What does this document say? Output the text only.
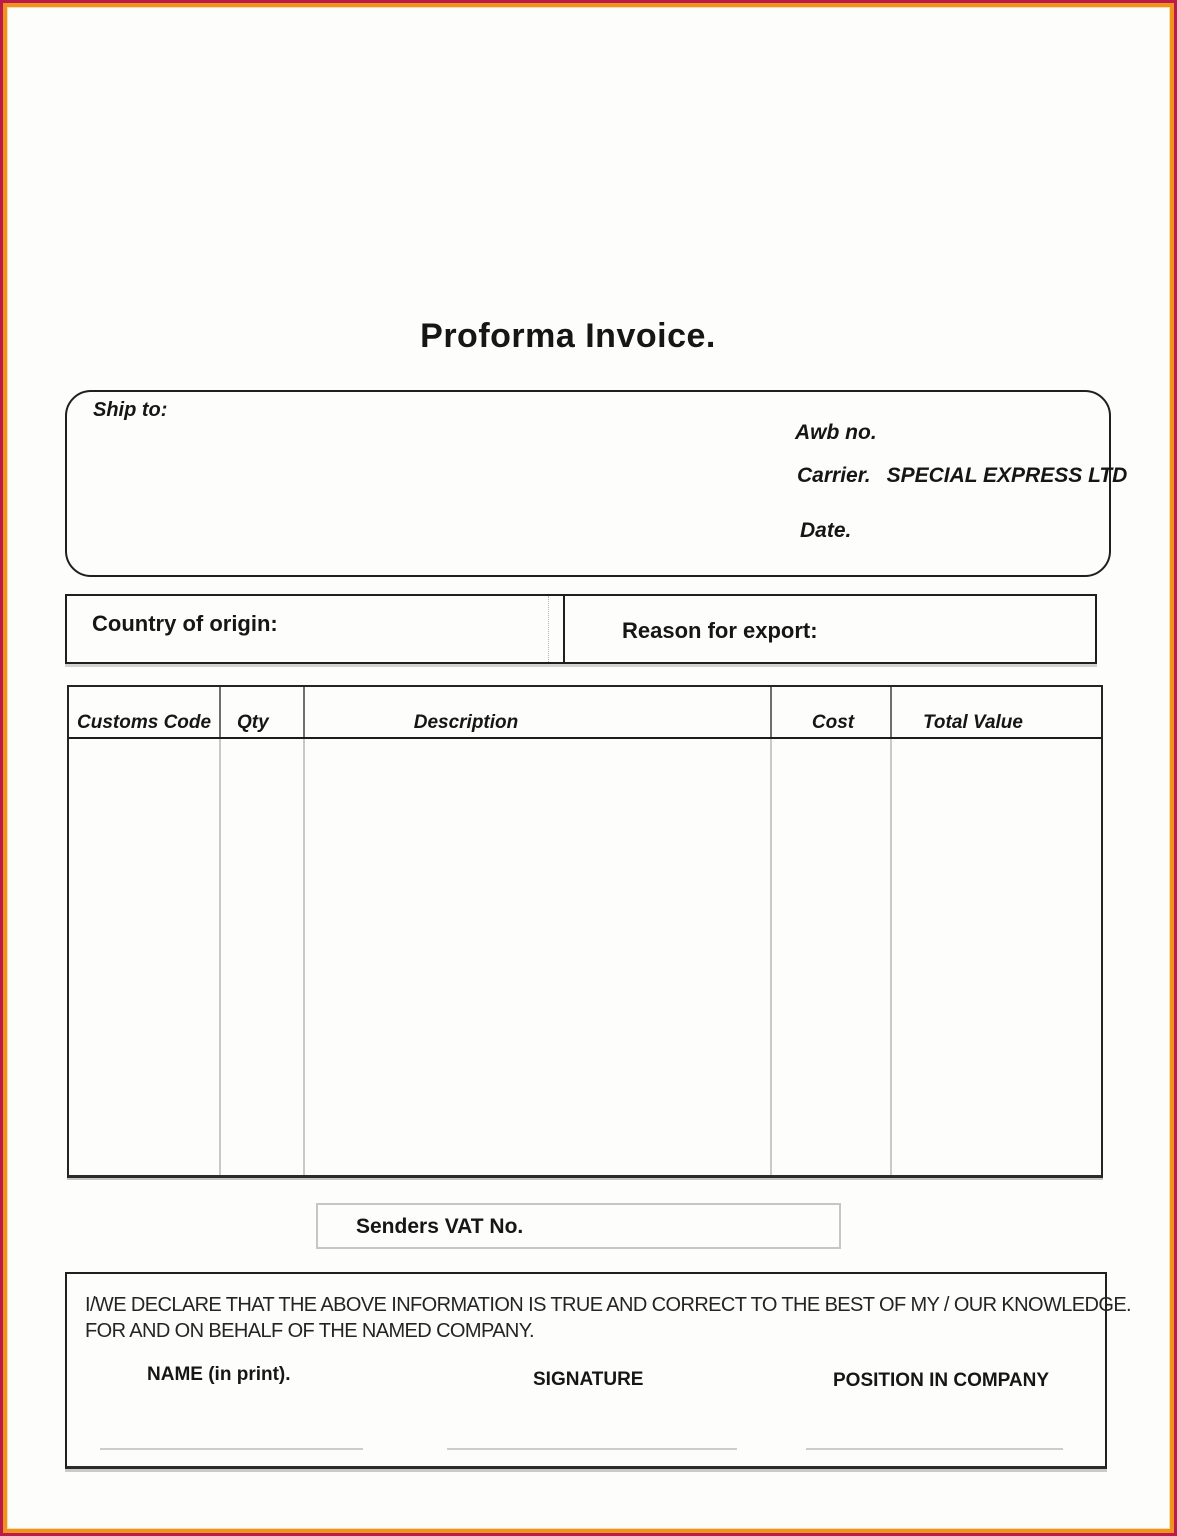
Proforma Invoice.
Ship to:
Awb no.
Carrier. SPECIAL EXPRESS LTD
Date.
Country of origin:	Reason for export:
Customs Code Qty	Description	Cost	Total Value
Senders VAT No.
I/WE DECLARE THAT THE ABOVE INFORMATION IS TRUE AND CORRECT TO THE BEST OF MY / OUR KNOWLEDGE.
FOR AND ON BEHALF OF THE NAMED COMPANY.
NAME (in print).	SIGNATURE	POSITION IN COMPANY
